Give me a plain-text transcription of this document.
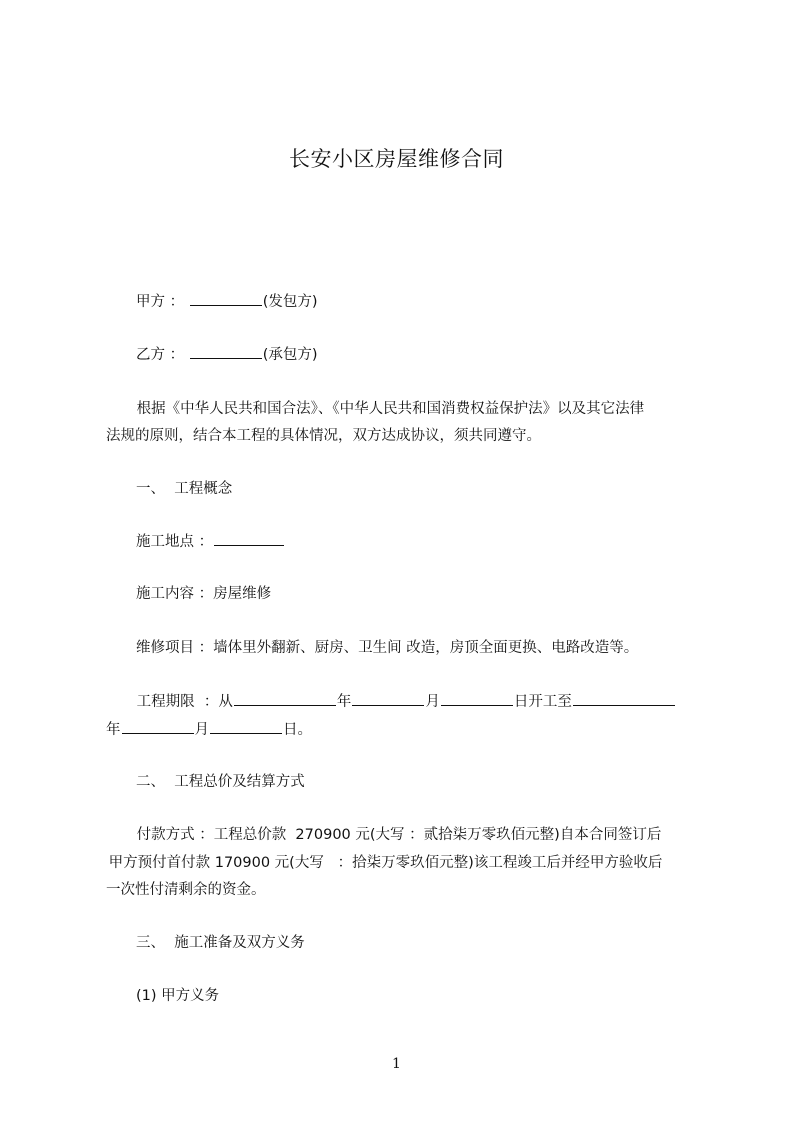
长安小区房屋维修合同
甲方 ：	(发包方)
乙方 ：	(承包方)
根据《中华人民共和国合法》、《中华人民共和国消费权益保护法》以及其它法律
法规的原则，结合本工程的具体情况，双方达成协议，须共同遵守。
一、  工程概念
施工地点 ：
施工内容 ：房屋维修
维修项目 ：墙体里外翻新、厨房、卫生间 改造，房顶全面更换、电路改造等。
工程期限  ：从	年	月	日开工至
年	月	日。
二、  工程总价及结算方式
付款方式 ：工程总价款  270900 元(大写 ：贰拾柒万零玖佰元整)自本合同签订后
甲方预付首付款 170900 元(大写   ：拾柒万零玖佰元整)该工程竣工后并经甲方验收后
一次性付清剩余的资金。
三、  施工准备及双方义务
(1) 甲方义务
1
